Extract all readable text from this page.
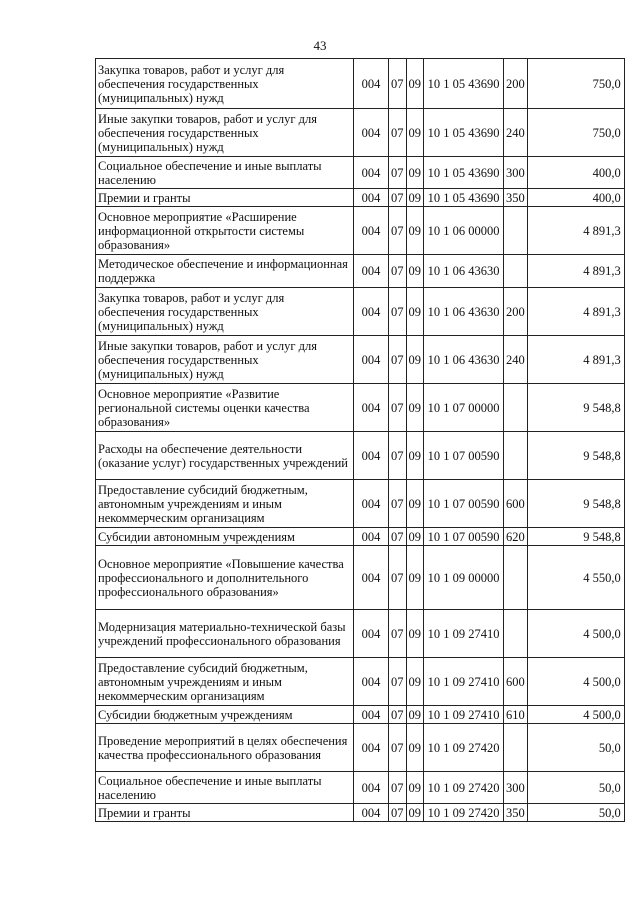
43
Закупка товаров, работ и услуг для обеспечения государственных (муниципальных) нужд	004	07	09	10 1 05 43690	200	750,0
Иные закупки товаров, работ и услуг для обеспечения государственных (муниципальных) нужд	004	07	09	10 1 05 43690	240	750,0
Социальное обеспечение и иные выплаты населению	004	07	09	10 1 05 43690	300	400,0
Премии и гранты	004	07	09	10 1 05 43690	350	400,0
Основное мероприятие «Расширение информационной открытости системы образования»	004	07	09	10 1 06 00000		4 891,3
Методическое обеспечение и информационная поддержка	004	07	09	10 1 06 43630		4 891,3
Закупка товаров, работ и услуг для обеспечения государственных (муниципальных) нужд	004	07	09	10 1 06 43630	200	4 891,3
Иные закупки товаров, работ и услуг для обеспечения государственных (муниципальных) нужд	004	07	09	10 1 06 43630	240	4 891,3
Основное мероприятие «Развитие региональной системы оценки качества образования»	004	07	09	10 1 07 00000		9 548,8
Расходы на обеспечение деятельности (оказание услуг) государственных учреждений	004	07	09	10 1 07 00590		9 548,8
Предоставление субсидий бюджетным, автономным учреждениям и иным некоммерческим организациям	004	07	09	10 1 07 00590	600	9 548,8
Субсидии автономным учреждениям	004	07	09	10 1 07 00590	620	9 548,8
Основное мероприятие «Повышение качества профессионального и дополнительного профессионального образования»	004	07	09	10 1 09 00000		4 550,0
Модернизация материально-технической базы учреждений профессионального образования	004	07	09	10 1 09 27410		4 500,0
Предоставление субсидий бюджетным, автономным учреждениям и иным некоммерческим организациям	004	07	09	10 1 09 27410	600	4 500,0
Субсидии бюджетным учреждениям	004	07	09	10 1 09 27410	610	4 500,0
Проведение мероприятий в целях обеспечения качества профессионального образования	004	07	09	10 1 09 27420		50,0
Социальное обеспечение и иные выплаты населению	004	07	09	10 1 09 27420	300	50,0
Премии и гранты	004	07	09	10 1 09 27420	350	50,0
